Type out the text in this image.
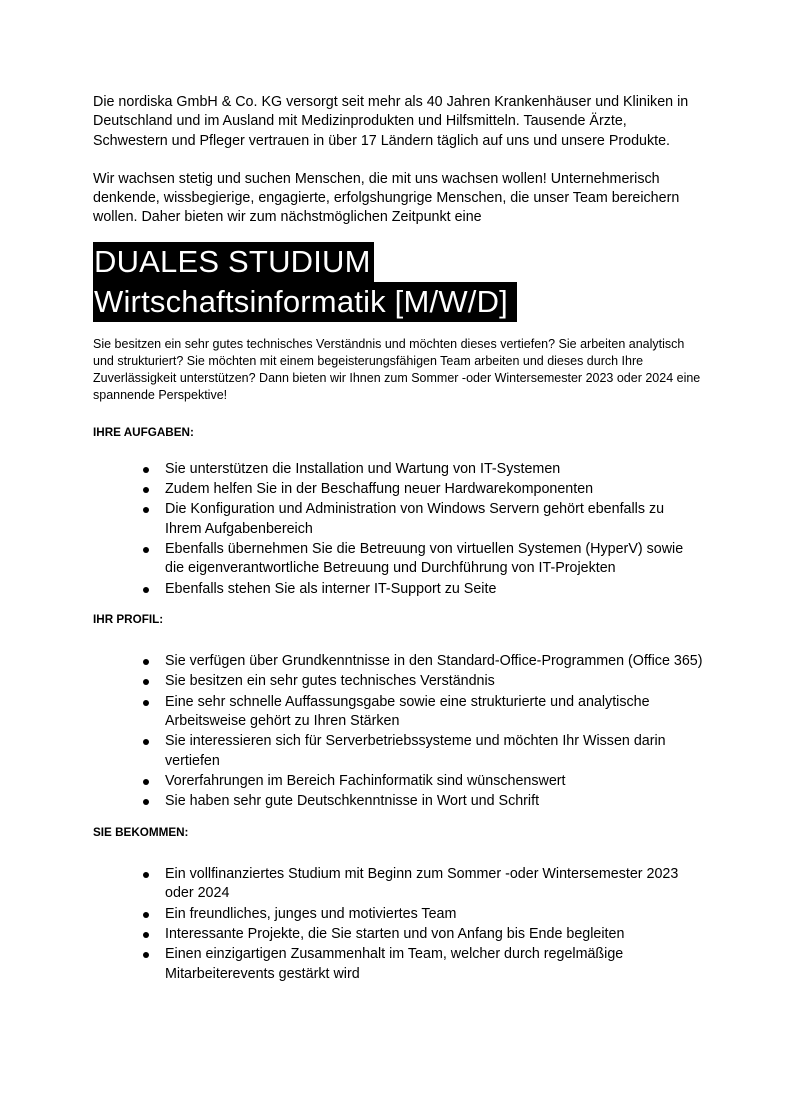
Die nordiska GmbH & Co. KG versorgt seit mehr als 40 Jahren Krankenhäuser und Kliniken in Deutschland und im Ausland mit Medizinprodukten und Hilfsmitteln. Tausende Ärzte, Schwestern und Pfleger vertrauen in über 17 Ländern täglich auf uns und unsere Produkte.

Wir wachsen stetig und suchen Menschen, die mit uns wachsen wollen! Unternehmerisch denkende, wissbegierige, engagierte, erfolgshungrige Menschen, die unser Team bereichern wollen. Daher bieten wir zum nächstmöglichen Zeitpunkt eine

DUALES STUDIUM
Wirtschaftsinformatik [M/W/D]

Sie besitzen ein sehr gutes technisches Verständnis und möchten dieses vertiefen? Sie arbeiten analytisch und strukturiert? Sie möchten mit einem begeisterungsfähigen Team arbeiten und dieses durch Ihre Zuverlässigkeit unterstützen? Dann bieten wir Ihnen zum Sommer -oder Wintersemester 2023 oder 2024 eine spannende Perspektive!

IHRE AUFGABEN:
Sie unterstützen die Installation und Wartung von IT-Systemen
Zudem helfen Sie in der Beschaffung neuer Hardwarekomponenten
Die Konfiguration und Administration von Windows Servern gehört ebenfalls zu Ihrem Aufgabenbereich
Ebenfalls übernehmen Sie die Betreuung von virtuellen Systemen (HyperV) sowie die eigenverantwortliche Betreuung und Durchführung von IT-Projekten
Ebenfalls stehen Sie als interner IT-Support zu Seite
IHR PROFIL:
Sie verfügen über Grundkenntnisse in den Standard-Office-Programmen (Office 365)
Sie besitzen ein sehr gutes technisches Verständnis
Eine sehr schnelle Auffassungsgabe sowie eine strukturierte und analytische Arbeitsweise gehört zu Ihren Stärken
Sie interessieren sich für Serverbetriebssysteme und möchten Ihr Wissen darin vertiefen
Vorerfahrungen im Bereich Fachinformatik sind wünschenswert
Sie haben sehr gute Deutschkenntnisse in Wort und Schrift
SIE BEKOMMEN:
Ein vollfinanziertes Studium mit Beginn zum Sommer -oder Wintersemester 2023 oder 2024
Ein freundliches, junges und motiviertes Team
Interessante Projekte, die Sie starten und von Anfang bis Ende begleiten
Einen einzigartigen Zusammenhalt im Team, welcher durch regelmäßige Mitarbeiterevents gestärkt wird
